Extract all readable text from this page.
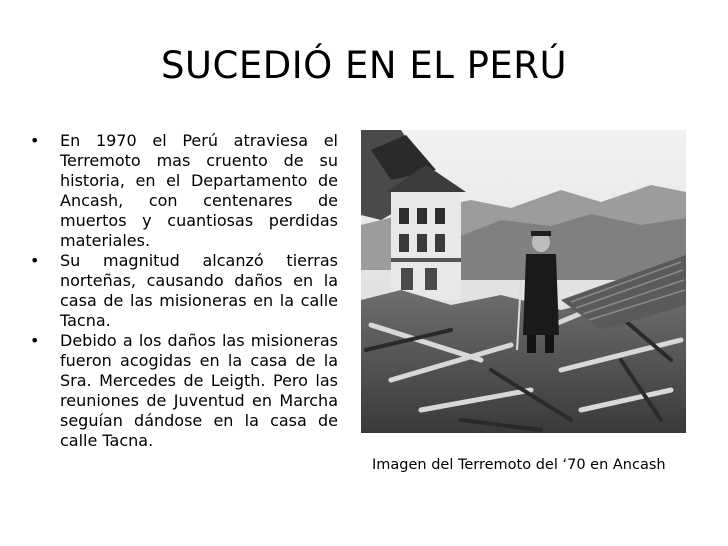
SUCEDIÓ EN EL PERÚ
• En 1970 el Perú atraviesa el Terremoto mas cruento de su historia, en el Departamento de Ancash, con centenares de muertos y cuantiosas perdidas materiales.
• Su magnitud alcanzó tierras norteñas, causando daños en la casa de las misioneras en la calle Tacna.
• Debido a los daños las misioneras fueron acogidas en la casa de la Sra. Mercedes de Leigth. Pero las reuniones de Juventud en Marcha seguían dándose en la casa de calle Tacna.
Imagen del Terremoto del ‘70 en Ancash
